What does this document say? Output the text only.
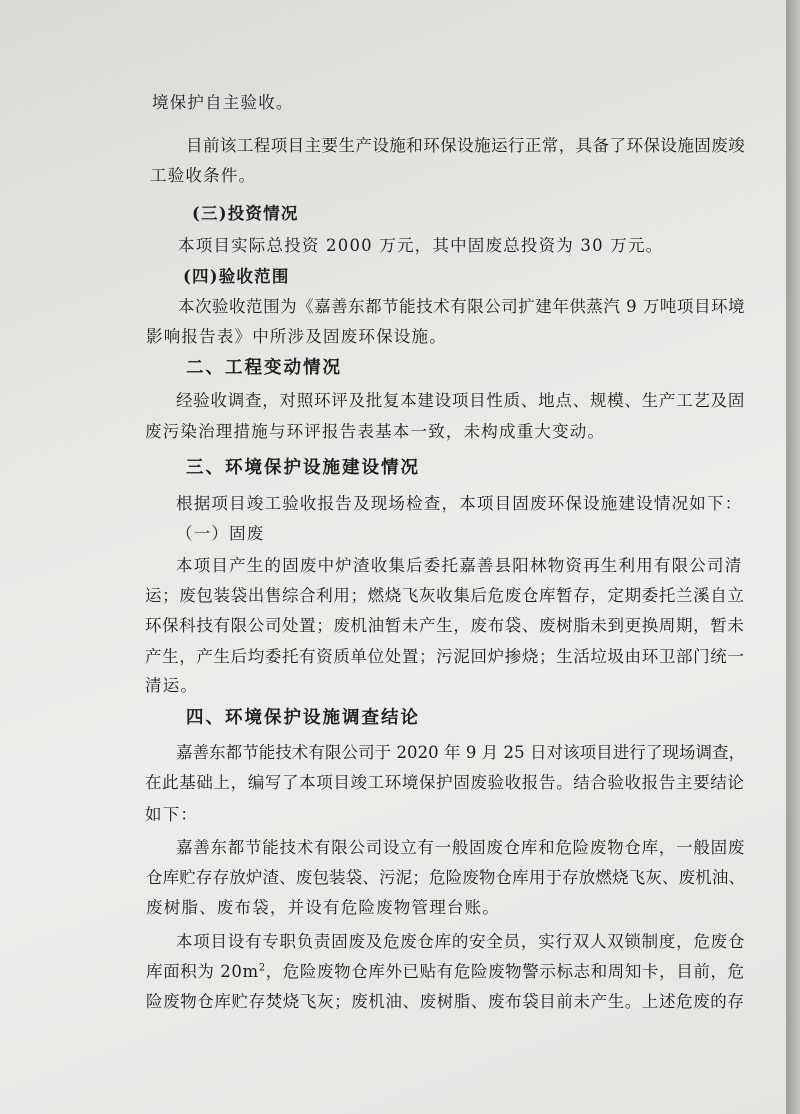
境保护自主验收。
目前该工程项目主要生产设施和环保设施运行正常，具备了环保设施固废竣
工验收条件。
(三)投资情况
本项目实际总投资 2000 万元，其中固废总投资为 30 万元。
(四)验收范围
本次验收范围为《嘉善东都节能技术有限公司扩建年供蒸汽 9 万吨项目环境
影响报告表》中所涉及固废环保设施。
二、工程变动情况
经验收调查，对照环评及批复本建设项目性质、地点、规模、生产工艺及固
废污染治理措施与环评报告表基本一致，未构成重大变动。
三、环境保护设施建设情况
根据项目竣工验收报告及现场检查，本项目固废环保设施建设情况如下：
（一）固废
本项目产生的固废中炉渣收集后委托嘉善县阳林物资再生利用有限公司清
运；废包装袋出售综合利用；燃烧飞灰收集后危废仓库暂存，定期委托兰溪自立
环保科技有限公司处置；废机油暂未产生，废布袋、废树脂未到更换周期，暂未
产生，产生后均委托有资质单位处置；污泥回炉掺烧；生活垃圾由环卫部门统一
清运。
四、环境保护设施调查结论
嘉善东都节能技术有限公司于 2020 年 9 月 25 日对该项目进行了现场调查，
在此基础上，编写了本项目竣工环境保护固废验收报告。结合验收报告主要结论
如下：
嘉善东都节能技术有限公司设立有一般固废仓库和危险废物仓库，一般固废
仓库贮存存放炉渣、废包装袋、污泥；危险废物仓库用于存放燃烧飞灰、废机油、
废树脂、废布袋，并设有危险废物管理台账。
本项目设有专职负责固废及危废仓库的安全员，实行双人双锁制度，危废仓
库面积为 $20m^2$，危险废物仓库外已贴有危险废物警示标志和周知卡，目前，危
险废物仓库贮存焚烧飞灰；废机油、废树脂、废布袋目前未产生。上述危废的存
